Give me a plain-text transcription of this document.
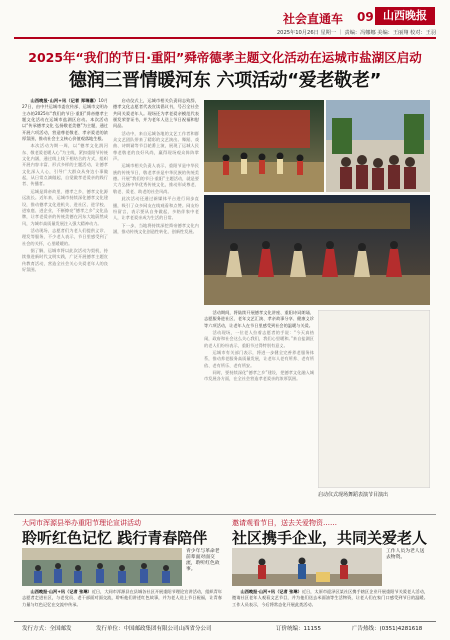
社会直通车 09 山西晚报
2025年10月26日 星期一 ｜ 责编：冯娜娜 美编：王丽翔 校对：王羽
2025年“我们的节日·重阳”舜帝德孝主题文化活动在运城市盐湖区启动
德润三晋情暖河东 六项活动“爱老敬老”

山西晚报·山河+讯（记者 郑瑞嘉）10月27日，由中共运城市委宣传部、运城市文明办主办的2025年“我们的节日·重阳”舜帝德孝主题文化活动在运城市盐湖区启动。本次活动以“传承德孝文化 弘扬敬老美德”为主题，通过开展六项活动，营造尊老敬老、孝亲爱老的浓厚氛围，推动社会主义核心价值观落地生根。

本次活动为期一周，以“德孝文化润河东、敬老爱老暖人心”为主线，紧扣重阳节传统文化内涵，通过线上线下相结合的方式，组织开展内容丰富、形式多样的主题活动，让德孝文化深入人心，引导广大群众从身边小事做起，从日常点滴做起，自觉做孝老爱亲的践行者、传播者。

运城是舜帝故里、德孝之乡，德孝文化源远流长。近年来，运城市持续深化德孝文化建设，推动德孝文化进机关、进社区、进学校、进家庭、进企业，不断擦亮“德孝之乡”文化品牌，让孝老爱亲的传统美德在河东大地蔚然成风，为城市高质量发展注入强大精神动力。

活动现场，志愿者们为老人们提供义诊、理发等服务，不少老人表示，节日里感受到了社会的关怀，心里暖暖的。

据了解，运城市将以此次活动为契机，持续推进新时代文明实践，广泛开展德孝主题宣传教育活动，营造全社会关心关爱老年人的良好氛围。

启动仪式上，运城市相关负责同志致辞，德孝文化志愿者代表宣读倡议书，号召全社会共同关爱老年人。现场还为孝老爱亲模范代表颁发荣誉证书，并为老年人送上节日祝福和慰问品。

活动中，来自运城各地的文艺工作者和群众文艺团队带来了精彩的文艺演出。舞蹈、戏曲、诗朗诵等节目轮番上演，展现了运城人民尊老敬老的良好风尚，赢得现场观众阵阵掌声。

运城市相关负责人表示，重阳节是中华民族的传统节日，敬老孝亲是中华民族的传统美德。开展“我们的节日·重阳”主题活动，就是要大力弘扬中华优秀传统文化，推动形成尊老、敬老、爱老、助老的社会风尚。

此次活动还通过新媒体平台进行同步直播，吸引了众多网友在线观看和点赞。网友纷纷留言，表示要从自身做起，多陪伴家中老人，让孝老爱亲成为生活的日常。

下一步，当地将持续深挖舜帝德孝文化内涵，推动传统文化创造性转化、创新性发展。

活动期间，将陆续开展德孝文化讲座、重阳诗词朗诵、志愿服务进社区、老年文艺汇演、孝亲故事分享、健康义诊等六项活动，让老年人在节日里感受到社会的温暖与关爱。

活动现场，一位老人拉着志愿者的手说：“今天真热闹，政府和社会这么关心我们，我们心里暖和。”来自盐湖区的老人们纷纷表示，重阳节过得特别有意义。

运城市有关部门表示，将进一步健全完善养老服务体系，推动养老服务高质量发展，让老年人老有所养、老有所依、老有所乐、老有所安。

同时，要持续深化“德孝之乡”建设，把德孝文化融入城市发展各方面，在全社会营造孝老爱亲的浓厚氛围。

启动仪式现场舞蹈表演节目演出
大同市浑源县举办重阳节理论宣讲活动
聆听红色记忆 践行青春陪伴
青少年与革命老前辈面对面交流，聆听红色故事。

山西晚报·山河+讯（记者 张琳）近日，大同市浑源县在县城各社区开展重阳节理论宣讲活动，组织青年志愿者走进社区，与老党员、老干部面对面交流，聆听他们讲述红色故事，并为老人送上节日祝福，让青春力量与红色记忆在交流中传承。

邀请观看节目，送去关爱物资……
社区携手企业，共同关爱老人
工作人员为老人送去物资。

山西晚报·山河+讯（记者 张琳）近日，太原市迎泽区某社区携手辖区企业开展重阳节关爱老人活动，邀请社区老年人观看文艺节目，并为他们送去米面油等生活物资，让老人们在家门口感受到节日的温暖。工作人员表示，今后将常态化开展此类活动。

发行方式：全国邮发	发行单位：中国邮政集团有限公司山西省分公司	订价统编：11155	广告热线：(0351)4281618
